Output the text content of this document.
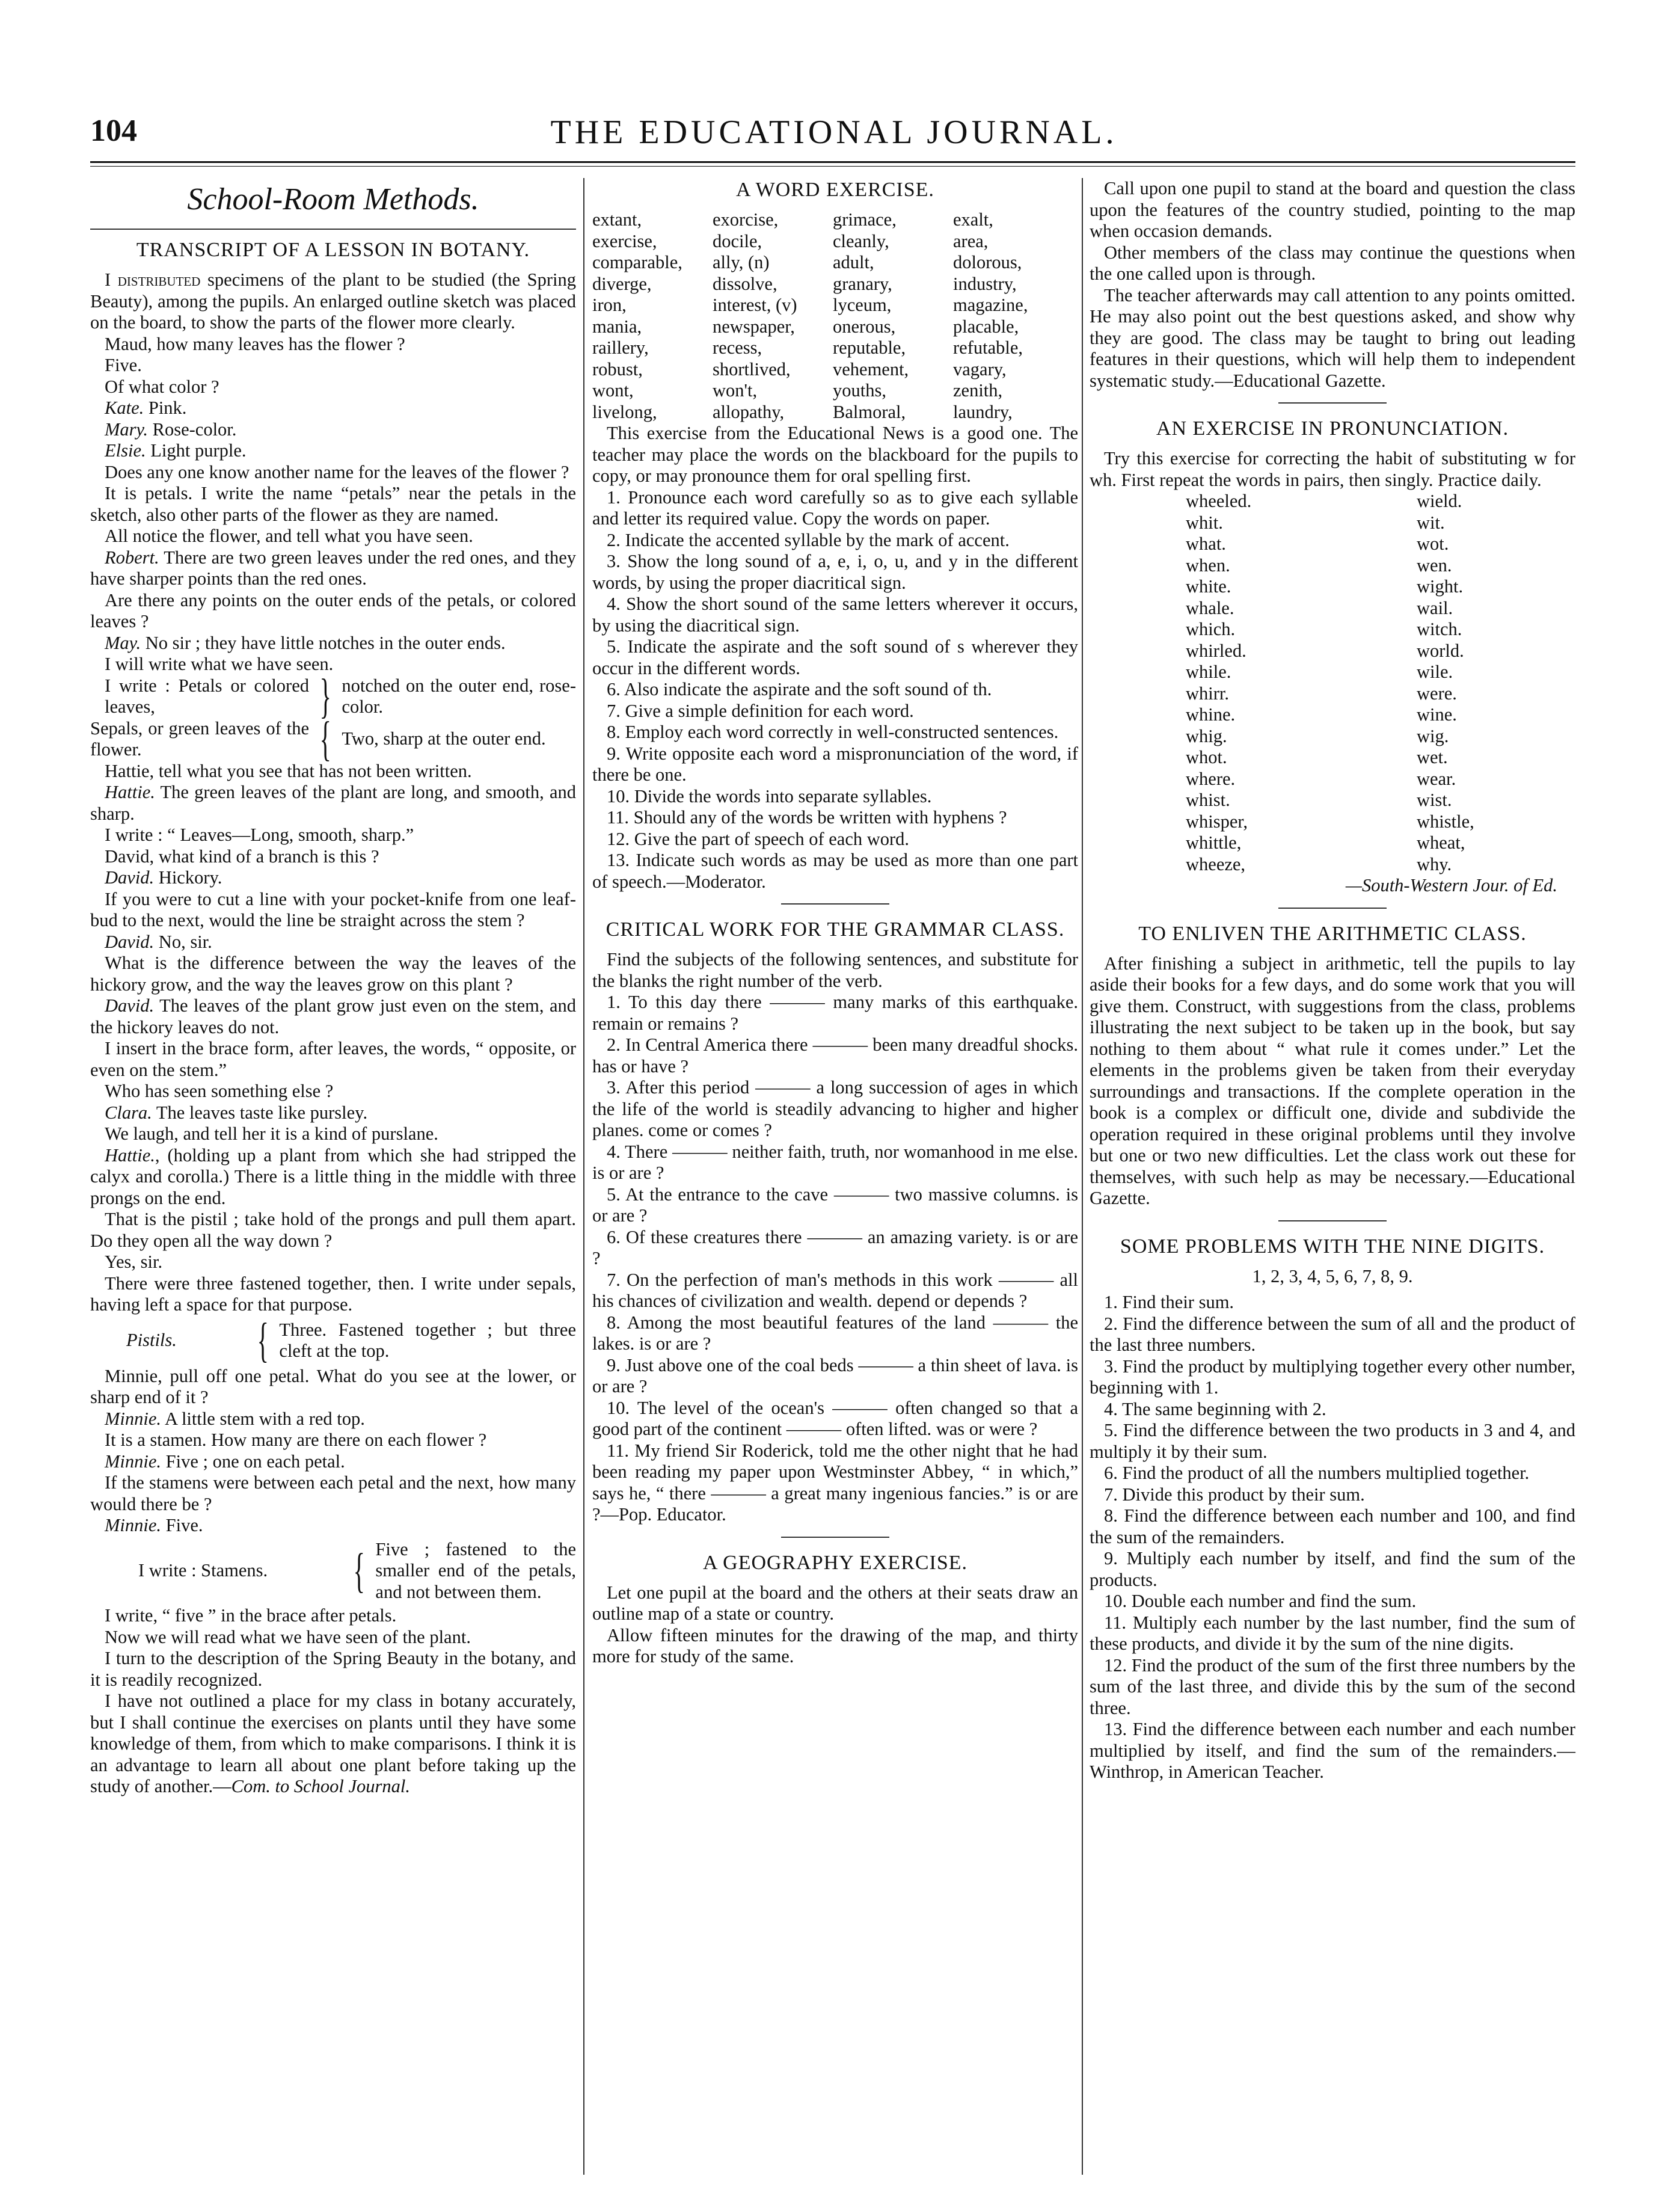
104	THE EDUCATIONAL JOURNAL.
School-Room Methods.
TRANSCRIPT OF A LESSON IN BOTANY.

I distributed specimens of the plant to be studied (the Spring Beauty), among the pupils. An enlarged outline sketch was placed on the board, to show the parts of the flower more clearly.

Maud, how many leaves has the flower ?

Five.

Of what color ?

Kate. Pink.

Mary. Rose-color.

Elsie. Light purple.

Does any one know another name for the leaves of the flower ?

It is petals. I write the name “petals” near the petals in the sketch, also other parts of the flower as they are named.

All notice the flower, and tell what you have seen.

Robert. There are two green leaves under the red ones, and they have sharper points than the red ones.

Are there any points on the outer ends of the petals, or colored leaves ?

May. No sir ; they have little notches in the outer ends.

I will write what we have seen.

I write : Petals or colored leaves,	} notched on the outer end, rose-color.
Sepals, or green leaves of the flower.	{ Two, sharp at the outer end.

Hattie, tell what you see that has not been written.

Hattie. The green leaves of the plant are long, and smooth, and sharp.

I write : “ Leaves—Long, smooth, sharp.”

David, what kind of a branch is this ?

David. Hickory.

If you were to cut a line with your pocket-knife from one leaf-bud to the next, would the line be straight across the stem ?

David. No, sir.

What is the difference between the way the leaves of the hickory grow, and the way the leaves grow on this plant ?

David. The leaves of the plant grow just even on the stem, and the hickory leaves do not.

I insert in the brace form, after leaves, the words, “ opposite, or even on the stem.”

Who has seen something else ?

Clara. The leaves taste like pursley.

We laugh, and tell her it is a kind of purslane.

Hattie., (holding up a plant from which she had stripped the calyx and corolla.) There is a little thing in the middle with three prongs on the end.

That is the pistil ; take hold of the prongs and pull them apart. Do they open all the way down ?

Yes, sir.

There were three fastened together, then. I write under sepals, having left a space for that purpose.

Pistils.	{ Three. Fastened together ; but three cleft at the top.

Minnie, pull off one petal. What do you see at the lower, or sharp end of it ?

Minnie. A little stem with a red top.

It is a stamen. How many are there on each flower ?

Minnie. Five ; one on each petal.

If the stamens were between each petal and the next, how many would there be ?

Minnie. Five.

I write : Stamens.	{ Five ; fastened to the smaller end of the petals, and not between them.

I write, “ five ” in the brace after petals.

Now we will read what we have seen of the plant.

I turn to the description of the Spring Beauty in the botany, and it is readily recognized.

I have not outlined a place for my class in botany accurately, but I shall continue the exercises on plants until they have some knowledge of them, from which to make comparisons. I think it is an advantage to learn all about one plant before taking up the study of another.—Com. to School Journal.

A WORD EXERCISE.
extant,	exorcise,	grimace,	exalt,
exercise,	docile,	cleanly,	area,
comparable,	ally, (n)	adult,	dolorous,
diverge,	dissolve,	granary,	industry,
iron,	interest, (v)	lyceum,	magazine,
mania,	newspaper,	onerous,	placable,
raillery,	recess,	reputable,	refutable,
robust,	shortlived,	vehement,	vagary,
wont,	won't,	youths,	zenith,
livelong,	allopathy,	Balmoral,	laundry,

This exercise from the Educational News is a good one. The teacher may place the words on the blackboard for the pupils to copy, or may pronounce them for oral spelling first.

1. Pronounce each word carefully so as to give each syllable and letter its required value. Copy the words on paper.

2. Indicate the accented syllable by the mark of accent.

3. Show the long sound of a, e, i, o, u, and y in the different words, by using the proper diacritical sign.

4. Show the short sound of the same letters wherever it occurs, by using the diacritical sign.

5. Indicate the aspirate and the soft sound of s wherever they occur in the different words.

6. Also indicate the aspirate and the soft sound of th.

7. Give a simple definition for each word.

8. Employ each word correctly in well-constructed sentences.

9. Write opposite each word a mispronunciation of the word, if there be one.

10. Divide the words into separate syllables.

11. Should any of the words be written with hyphens ?

12. Give the part of speech of each word.

13. Indicate such words as may be used as more than one part of speech.—Moderator.

CRITICAL WORK FOR THE GRAMMAR CLASS.

Find the subjects of the following sentences, and substitute for the blanks the right number of the verb.

1. To this day there ——— many marks of this earthquake. remain or remains ?

2. In Central America there ——— been many dreadful shocks. has or have ?

3. After this period ——— a long succession of ages in which the life of the world is steadily advancing to higher and higher planes. come or comes ?

4. There ——— neither faith, truth, nor womanhood in me else. is or are ?

5. At the entrance to the cave ——— two massive columns. is or are ?

6. Of these creatures there ——— an amazing variety. is or are ?

7. On the perfection of man's methods in this work ——— all his chances of civilization and wealth. depend or depends ?

8. Among the most beautiful features of the land ——— the lakes. is or are ?

9. Just above one of the coal beds ——— a thin sheet of lava. is or are ?

10. The level of the ocean's ——— often changed so that a good part of the continent ——— often lifted. was or were ?

11. My friend Sir Roderick, told me the other night that he had been reading my paper upon Westminster Abbey, “ in which,” says he, “ there ——— a great many ingenious fancies.” is or are ?—Pop. Educator.

A GEOGRAPHY EXERCISE.

Let one pupil at the board and the others at their seats draw an outline map of a state or country.

Allow fifteen minutes for the drawing of the map, and thirty more for study of the same.

Call upon one pupil to stand at the board and question the class upon the features of the country studied, pointing to the map when occasion demands.

Other members of the class may continue the questions when the one called upon is through.

The teacher afterwards may call attention to any points omitted. He may also point out the best questions asked, and show why they are good. The class may be taught to bring out leading features in their questions, which will help them to independent systematic study.—Educational Gazette.

AN EXERCISE IN PRONUNCIATION.

Try this exercise for correcting the habit of substituting w for wh. First repeat the words in pairs, then singly. Practice daily.

wheeled.	wield.
whit.	wit.
what.	wot.
when.	wen.
white.	wight.
whale.	wail.
which.	witch.
whirled.	world.
while.	wile.
whirr.	were.
whine.	wine.
whig.	wig.
whot.	wet.
where.	wear.
whist.	wist.
whisper,	whistle,
whittle,	wheat,
wheeze,	why.

—South-Western Jour. of Ed.

TO ENLIVEN THE ARITHMETIC CLASS.

After finishing a subject in arithmetic, tell the pupils to lay aside their books for a few days, and do some work that you will give them. Construct, with suggestions from the class, problems illustrating the next subject to be taken up in the book, but say nothing to them about “ what rule it comes under.” Let the elements in the problems given be taken from their everyday surroundings and transactions. If the complete operation in the book is a complex or difficult one, divide and subdivide the operation required in these original problems until they involve but one or two new difficulties. Let the class work out these for themselves, with such help as may be necessary.—Educational Gazette.

SOME PROBLEMS WITH THE NINE DIGITS.

1, 2, 3, 4, 5, 6, 7, 8, 9.

1. Find their sum.

2. Find the difference between the sum of all and the product of the last three numbers.

3. Find the product by multiplying together every other number, beginning with 1.

4. The same beginning with 2.

5. Find the difference between the two products in 3 and 4, and multiply it by their sum.

6. Find the product of all the numbers multiplied together.

7. Divide this product by their sum.

8. Find the difference between each number and 100, and find the sum of the remainders.

9. Multiply each number by itself, and find the sum of the products.

10. Double each number and find the sum.

11. Multiply each number by the last number, find the sum of these products, and divide it by the sum of the nine digits.

12. Find the product of the sum of the first three numbers by the sum of the last three, and divide this by the sum of the second three.

13. Find the difference between each number and each number multiplied by itself, and find the sum of the remainders.—Winthrop, in American Teacher.
